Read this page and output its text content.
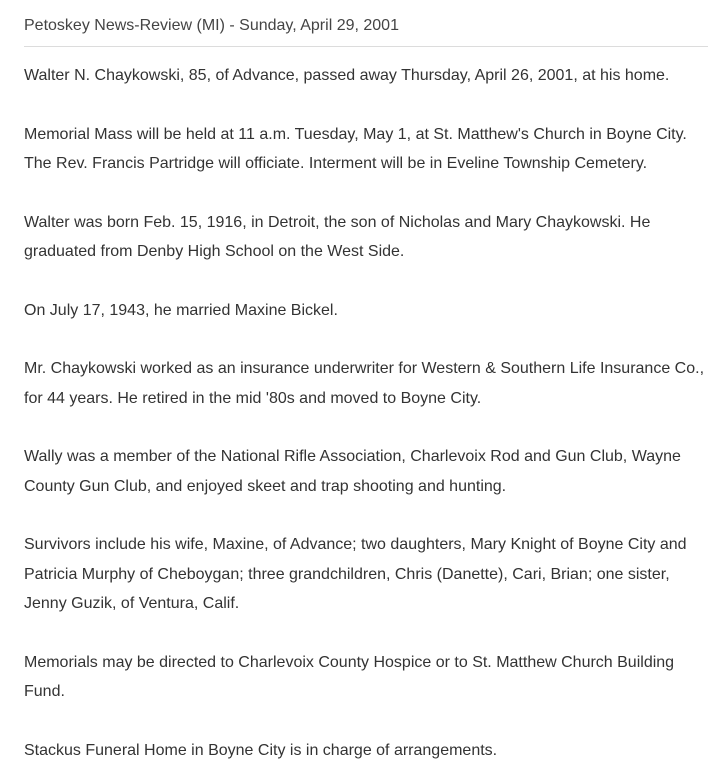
Petoskey News-Review (MI) - Sunday, April 29, 2001

Walter N. Chaykowski, 85, of Advance, passed away Thursday, April 26, 2001, at his home.

Memorial Mass will be held at 11 a.m. Tuesday, May 1, at St. Matthew's Church in Boyne City. The Rev. Francis Partridge will officiate. Interment will be in Eveline Township Cemetery.

Walter was born Feb. 15, 1916, in Detroit, the son of Nicholas and Mary Chaykowski. He graduated from Denby High School on the West Side.

On July 17, 1943, he married Maxine Bickel.

Mr. Chaykowski worked as an insurance underwriter for Western & Southern Life Insurance Co., for 44 years. He retired in the mid '80s and moved to Boyne City.

Wally was a member of the National Rifle Association, Charlevoix Rod and Gun Club, Wayne County Gun Club, and enjoyed skeet and trap shooting and hunting.

Survivors include his wife, Maxine, of Advance; two daughters, Mary Knight of Boyne City and Patricia Murphy of Cheboygan; three grandchildren, Chris (Danette), Cari, Brian; one sister, Jenny Guzik, of Ventura, Calif.

Memorials may be directed to Charlevoix County Hospice or to St. Matthew Church Building Fund.

Stackus Funeral Home in Boyne City is in charge of arrangements.
